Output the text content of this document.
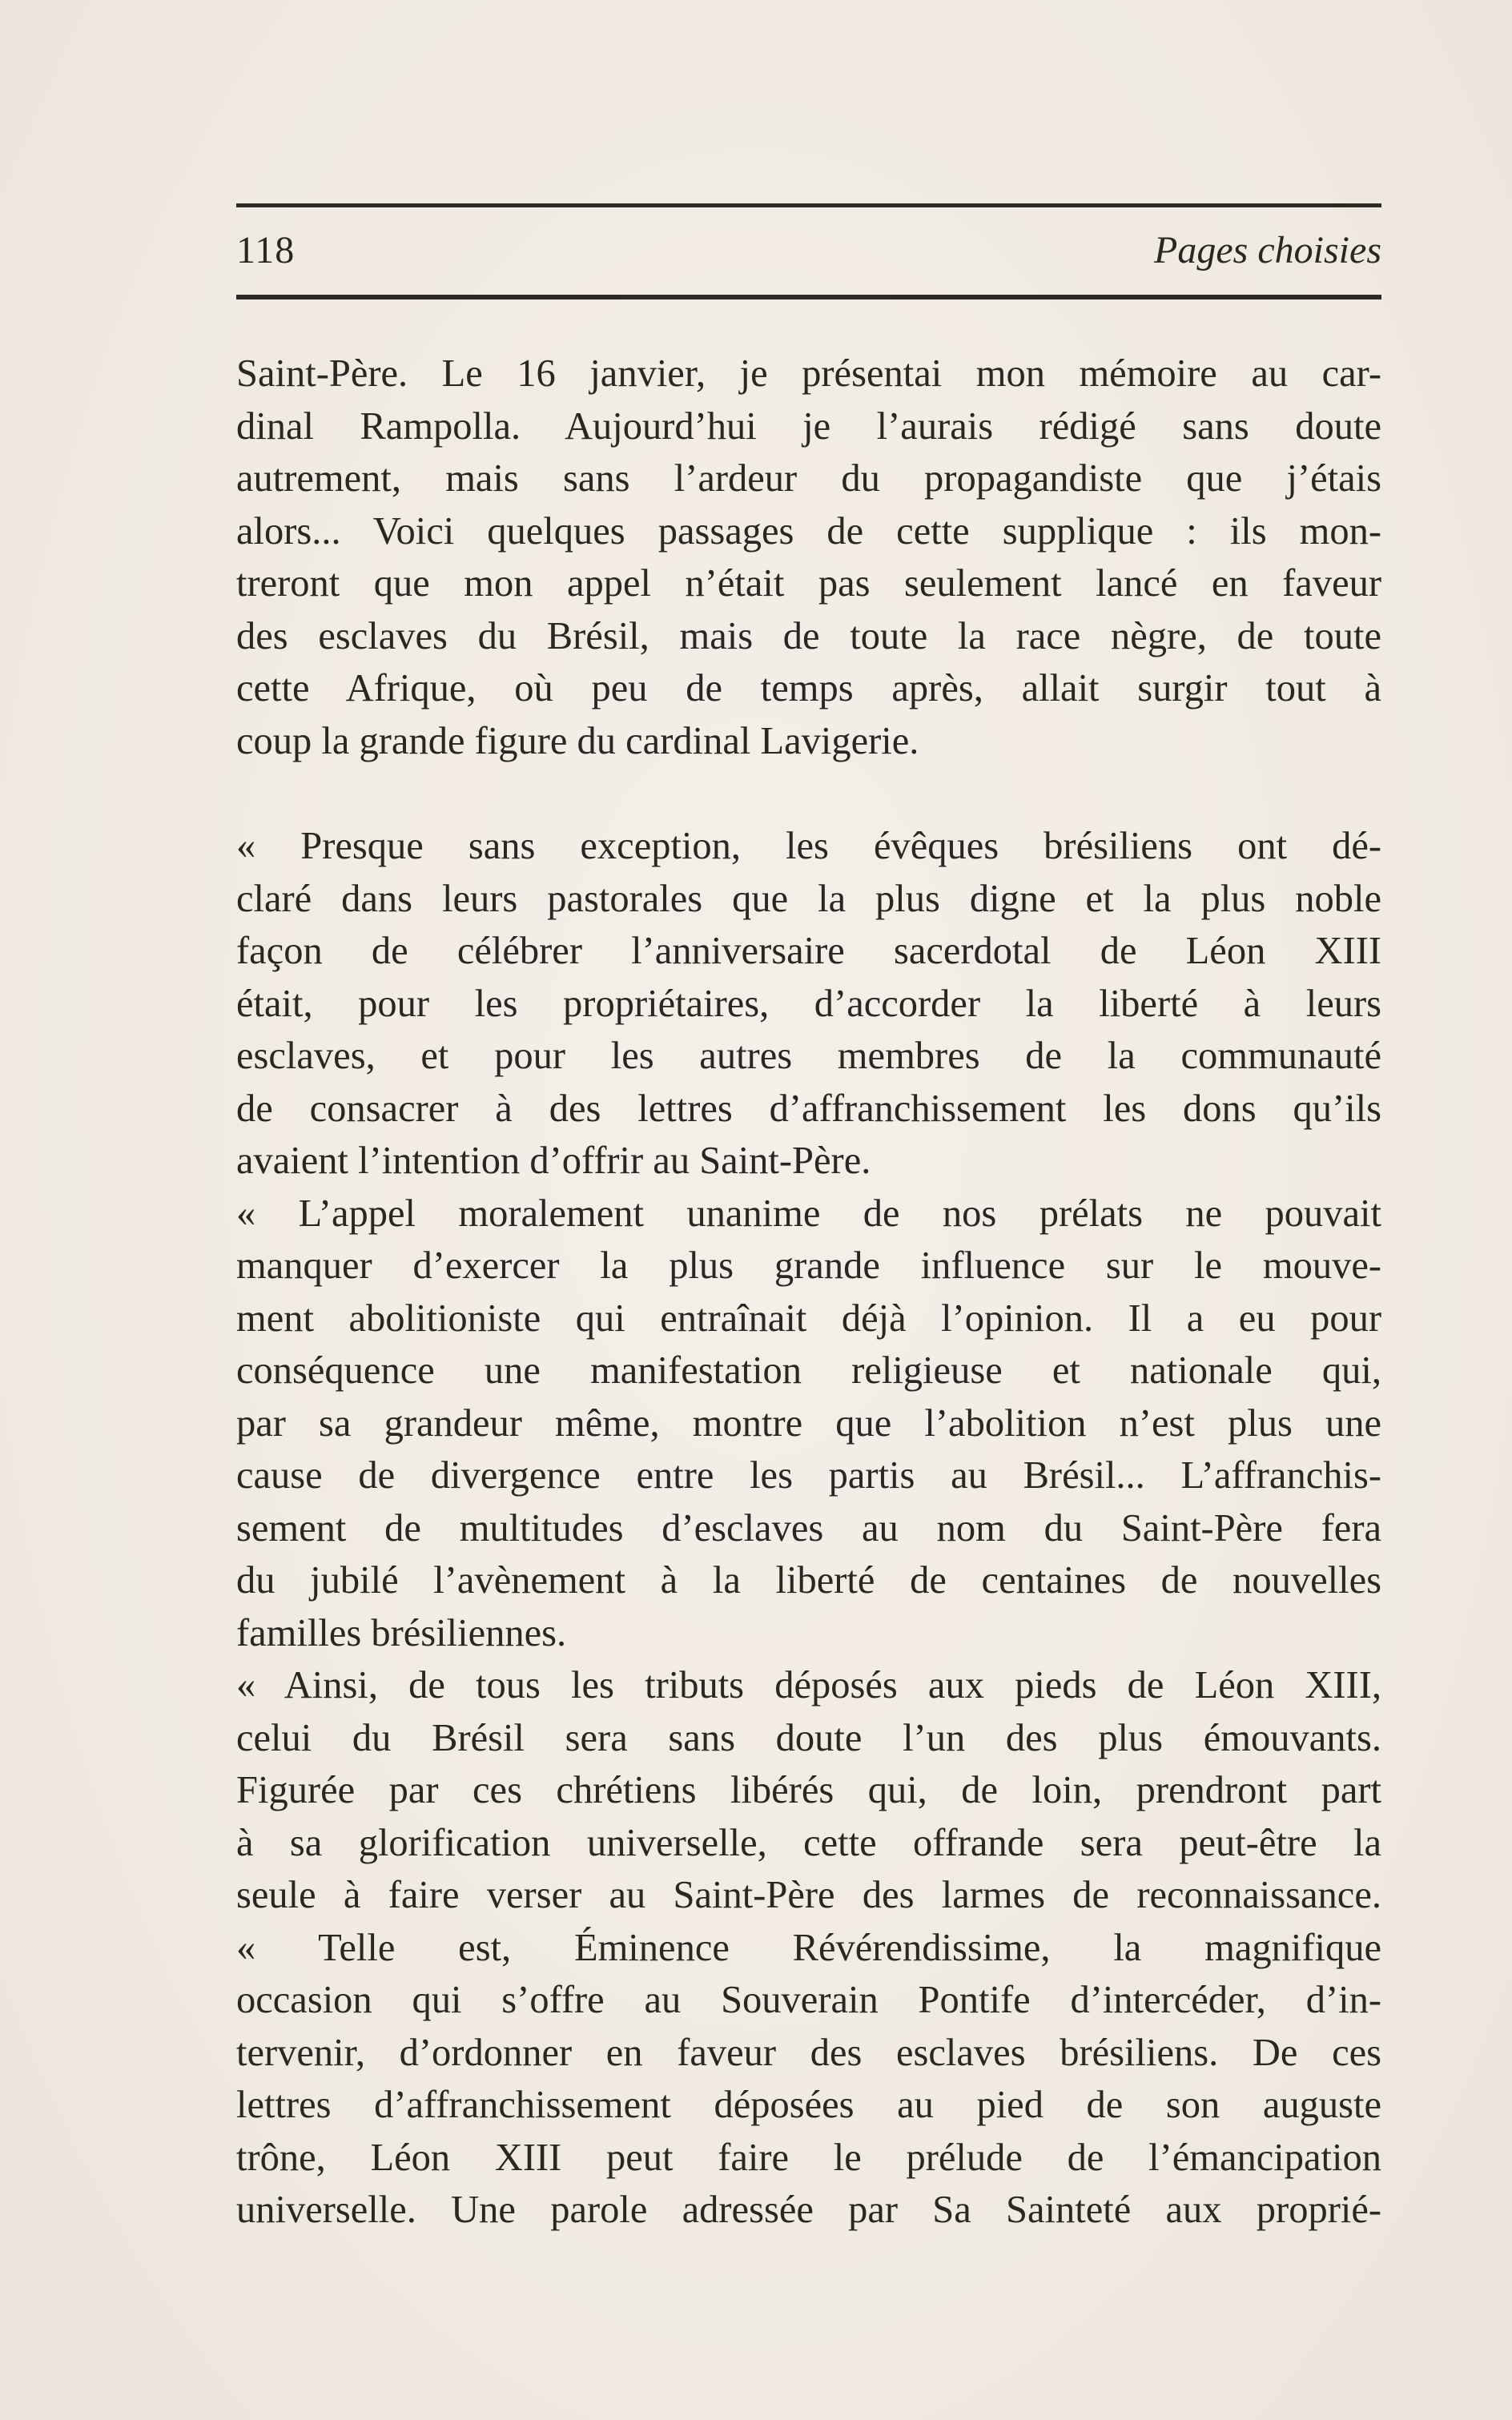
118	Pages choisies
Saint-Père. Le 16 janvier, je présentai mon mémoire au car-
dinal Rampolla. Aujourd’hui je l’aurais rédigé sans doute
autrement, mais sans l’ardeur du propagandiste que j’étais
alors... Voici quelques passages de cette supplique : ils mon-
treront que mon appel n’était pas seulement lancé en faveur
des esclaves du Brésil, mais de toute la race nègre, de toute
cette Afrique, où peu de temps après, allait surgir tout à
coup la grande figure du cardinal Lavigerie.
« Presque sans exception, les évêques brésiliens ont dé-
claré dans leurs pastorales que la plus digne et la plus noble
façon de célébrer l’anniversaire sacerdotal de Léon XIII
était, pour les propriétaires, d’accorder la liberté à leurs
esclaves, et pour les autres membres de la communauté
de consacrer à des lettres d’affranchissement les dons qu’ils
avaient l’intention d’offrir au Saint-Père.
« L’appel moralement unanime de nos prélats ne pouvait
manquer d’exercer la plus grande influence sur le mouve-
ment abolitioniste qui entraînait déjà l’opinion. Il a eu pour
conséquence une manifestation religieuse et nationale qui,
par sa grandeur même, montre que l’abolition n’est plus une
cause de divergence entre les partis au Brésil... L’affranchis-
sement de multitudes d’esclaves au nom du Saint-Père fera
du jubilé l’avènement à la liberté de centaines de nouvelles
familles brésiliennes.
« Ainsi, de tous les tributs déposés aux pieds de Léon XIII,
celui du Brésil sera sans doute l’un des plus émouvants.
Figurée par ces chrétiens libérés qui, de loin, prendront part
à sa glorification universelle, cette offrande sera peut-être la
seule à faire verser au Saint-Père des larmes de reconnaissance.
« Telle est, Éminence Révérendissime, la magnifique
occasion qui s’offre au Souverain Pontife d’intercéder, d’in-
tervenir, d’ordonner en faveur des esclaves brésiliens. De ces
lettres d’affranchissement déposées au pied de son auguste
trône, Léon XIII peut faire le prélude de l’émancipation
universelle. Une parole adressée par Sa Sainteté aux proprié-
